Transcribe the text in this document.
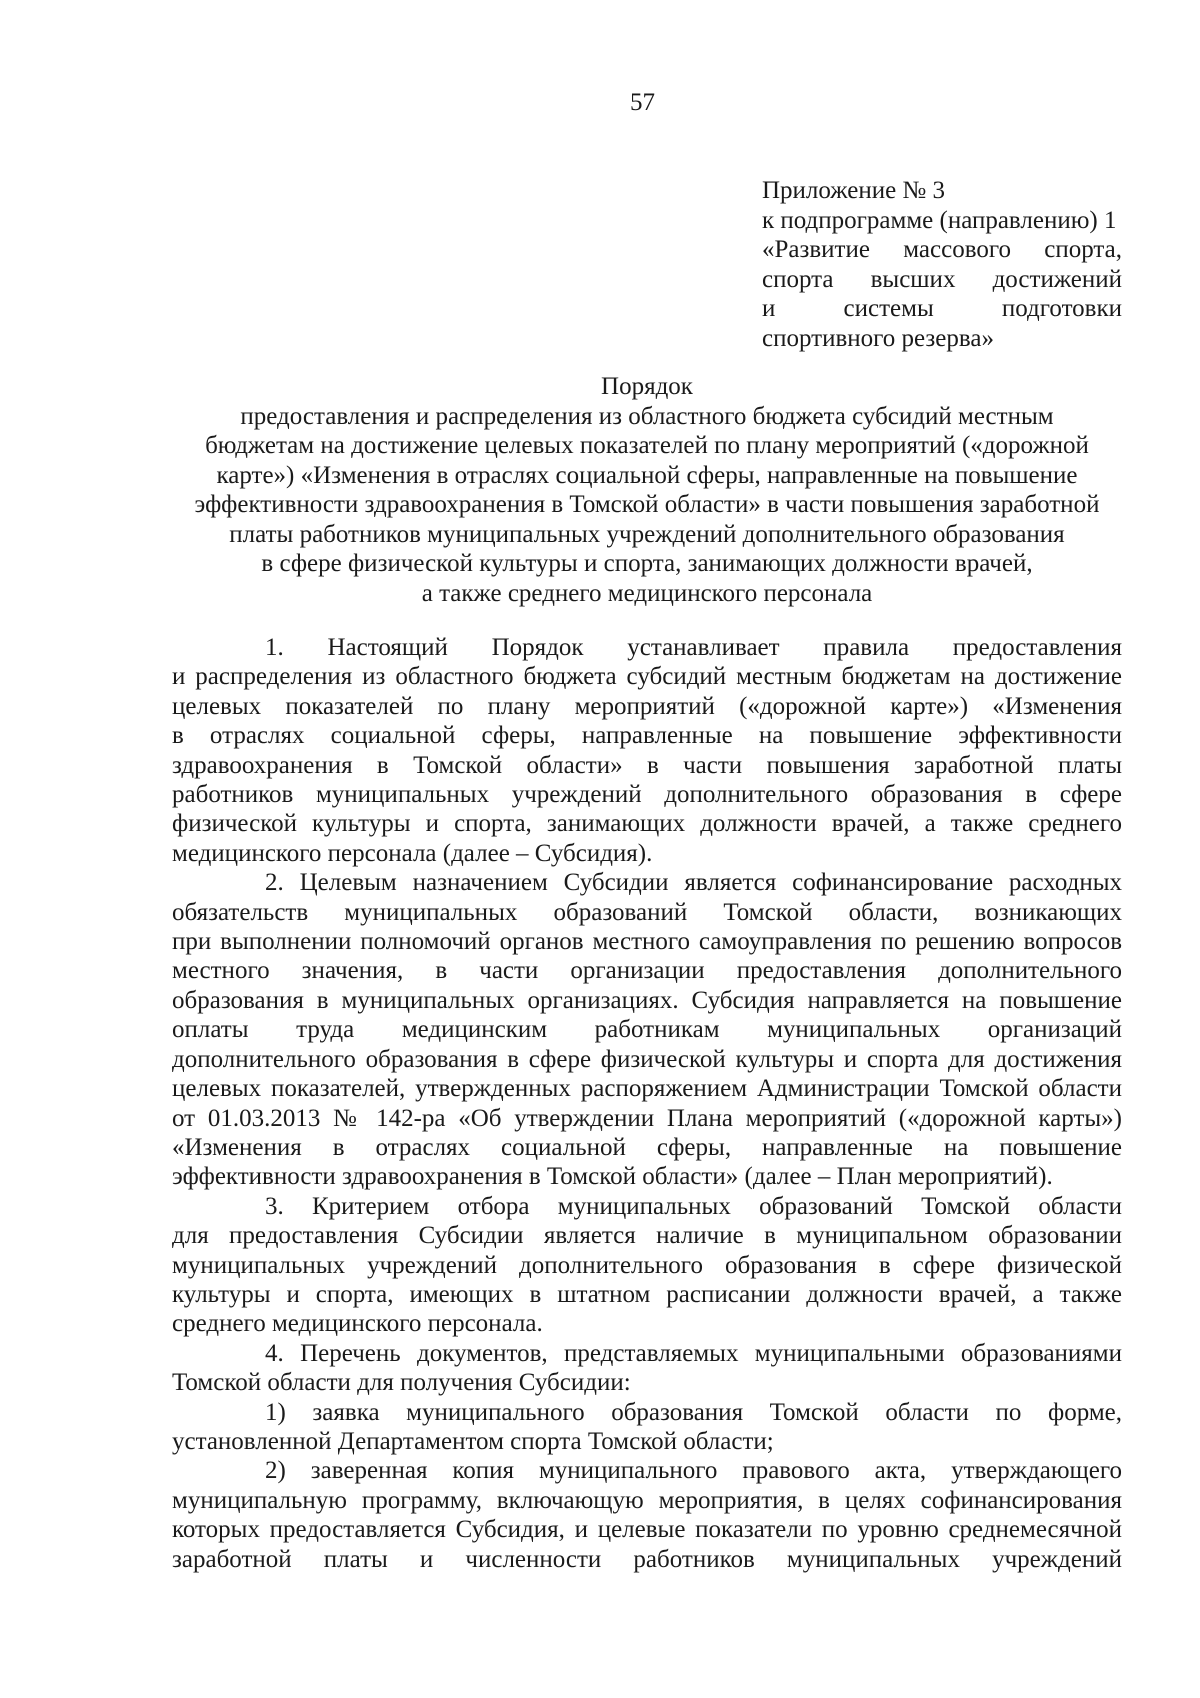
57
Приложение № 3
к подпрограмме (направлению) 1
«Развитие массового спорта,
спорта высших достижений
и системы подготовки
спортивного резерва»
Порядок
предоставления и распределения из областного бюджета субсидий местным
бюджетам на достижение целевых показателей по плану мероприятий («дорожной
карте») «Изменения в отраслях социальной сферы, направленные на повышение
эффективности здравоохранения в Томской области» в части повышения заработной
платы работников муниципальных учреждений дополнительного образования
в сфере физической культуры и спорта, занимающих должности врачей,
а также среднего медицинского персонала
1. Настоящий Порядок устанавливает правила предоставления
и распределения из областного бюджета субсидий местным бюджетам на достижение
целевых показателей по плану мероприятий («дорожной карте») «Изменения
в отраслях социальной сферы, направленные на повышение эффективности
здравоохранения в Томской области» в части повышения заработной платы
работников муниципальных учреждений дополнительного образования в сфере
физической культуры и спорта, занимающих должности врачей, а также среднего
медицинского персонала (далее – Субсидия).
2. Целевым назначением Субсидии является софинансирование расходных
обязательств муниципальных образований Томской области, возникающих
при выполнении полномочий органов местного самоуправления по решению вопросов
местного значения, в части организации предоставления дополнительного
образования в муниципальных организациях. Субсидия направляется на повышение
оплаты труда медицинским работникам муниципальных организаций
дополнительного образования в сфере физической культуры и спорта для достижения
целевых показателей, утвержденных распоряжением Администрации Томской области
от 01.03.2013 № 142-ра «Об утверждении Плана мероприятий («дорожной карты»)
«Изменения в отраслях социальной сферы, направленные на повышение
эффективности здравоохранения в Томской области» (далее – План мероприятий).
3. Критерием отбора муниципальных образований Томской области
для предоставления Субсидии является наличие в муниципальном образовании
муниципальных учреждений дополнительного образования в сфере физической
культуры и спорта, имеющих в штатном расписании должности врачей, а также
среднего медицинского персонала.
4. Перечень документов, представляемых муниципальными образованиями
Томской области для получения Субсидии:
1) заявка муниципального образования Томской области по форме,
установленной Департаментом спорта Томской области;
2) заверенная копия муниципального правового акта, утверждающего
муниципальную программу, включающую мероприятия, в целях софинансирования
которых предоставляется Субсидия, и целевые показатели по уровню среднемесячной
заработной платы и численности работников муниципальных учреждений
